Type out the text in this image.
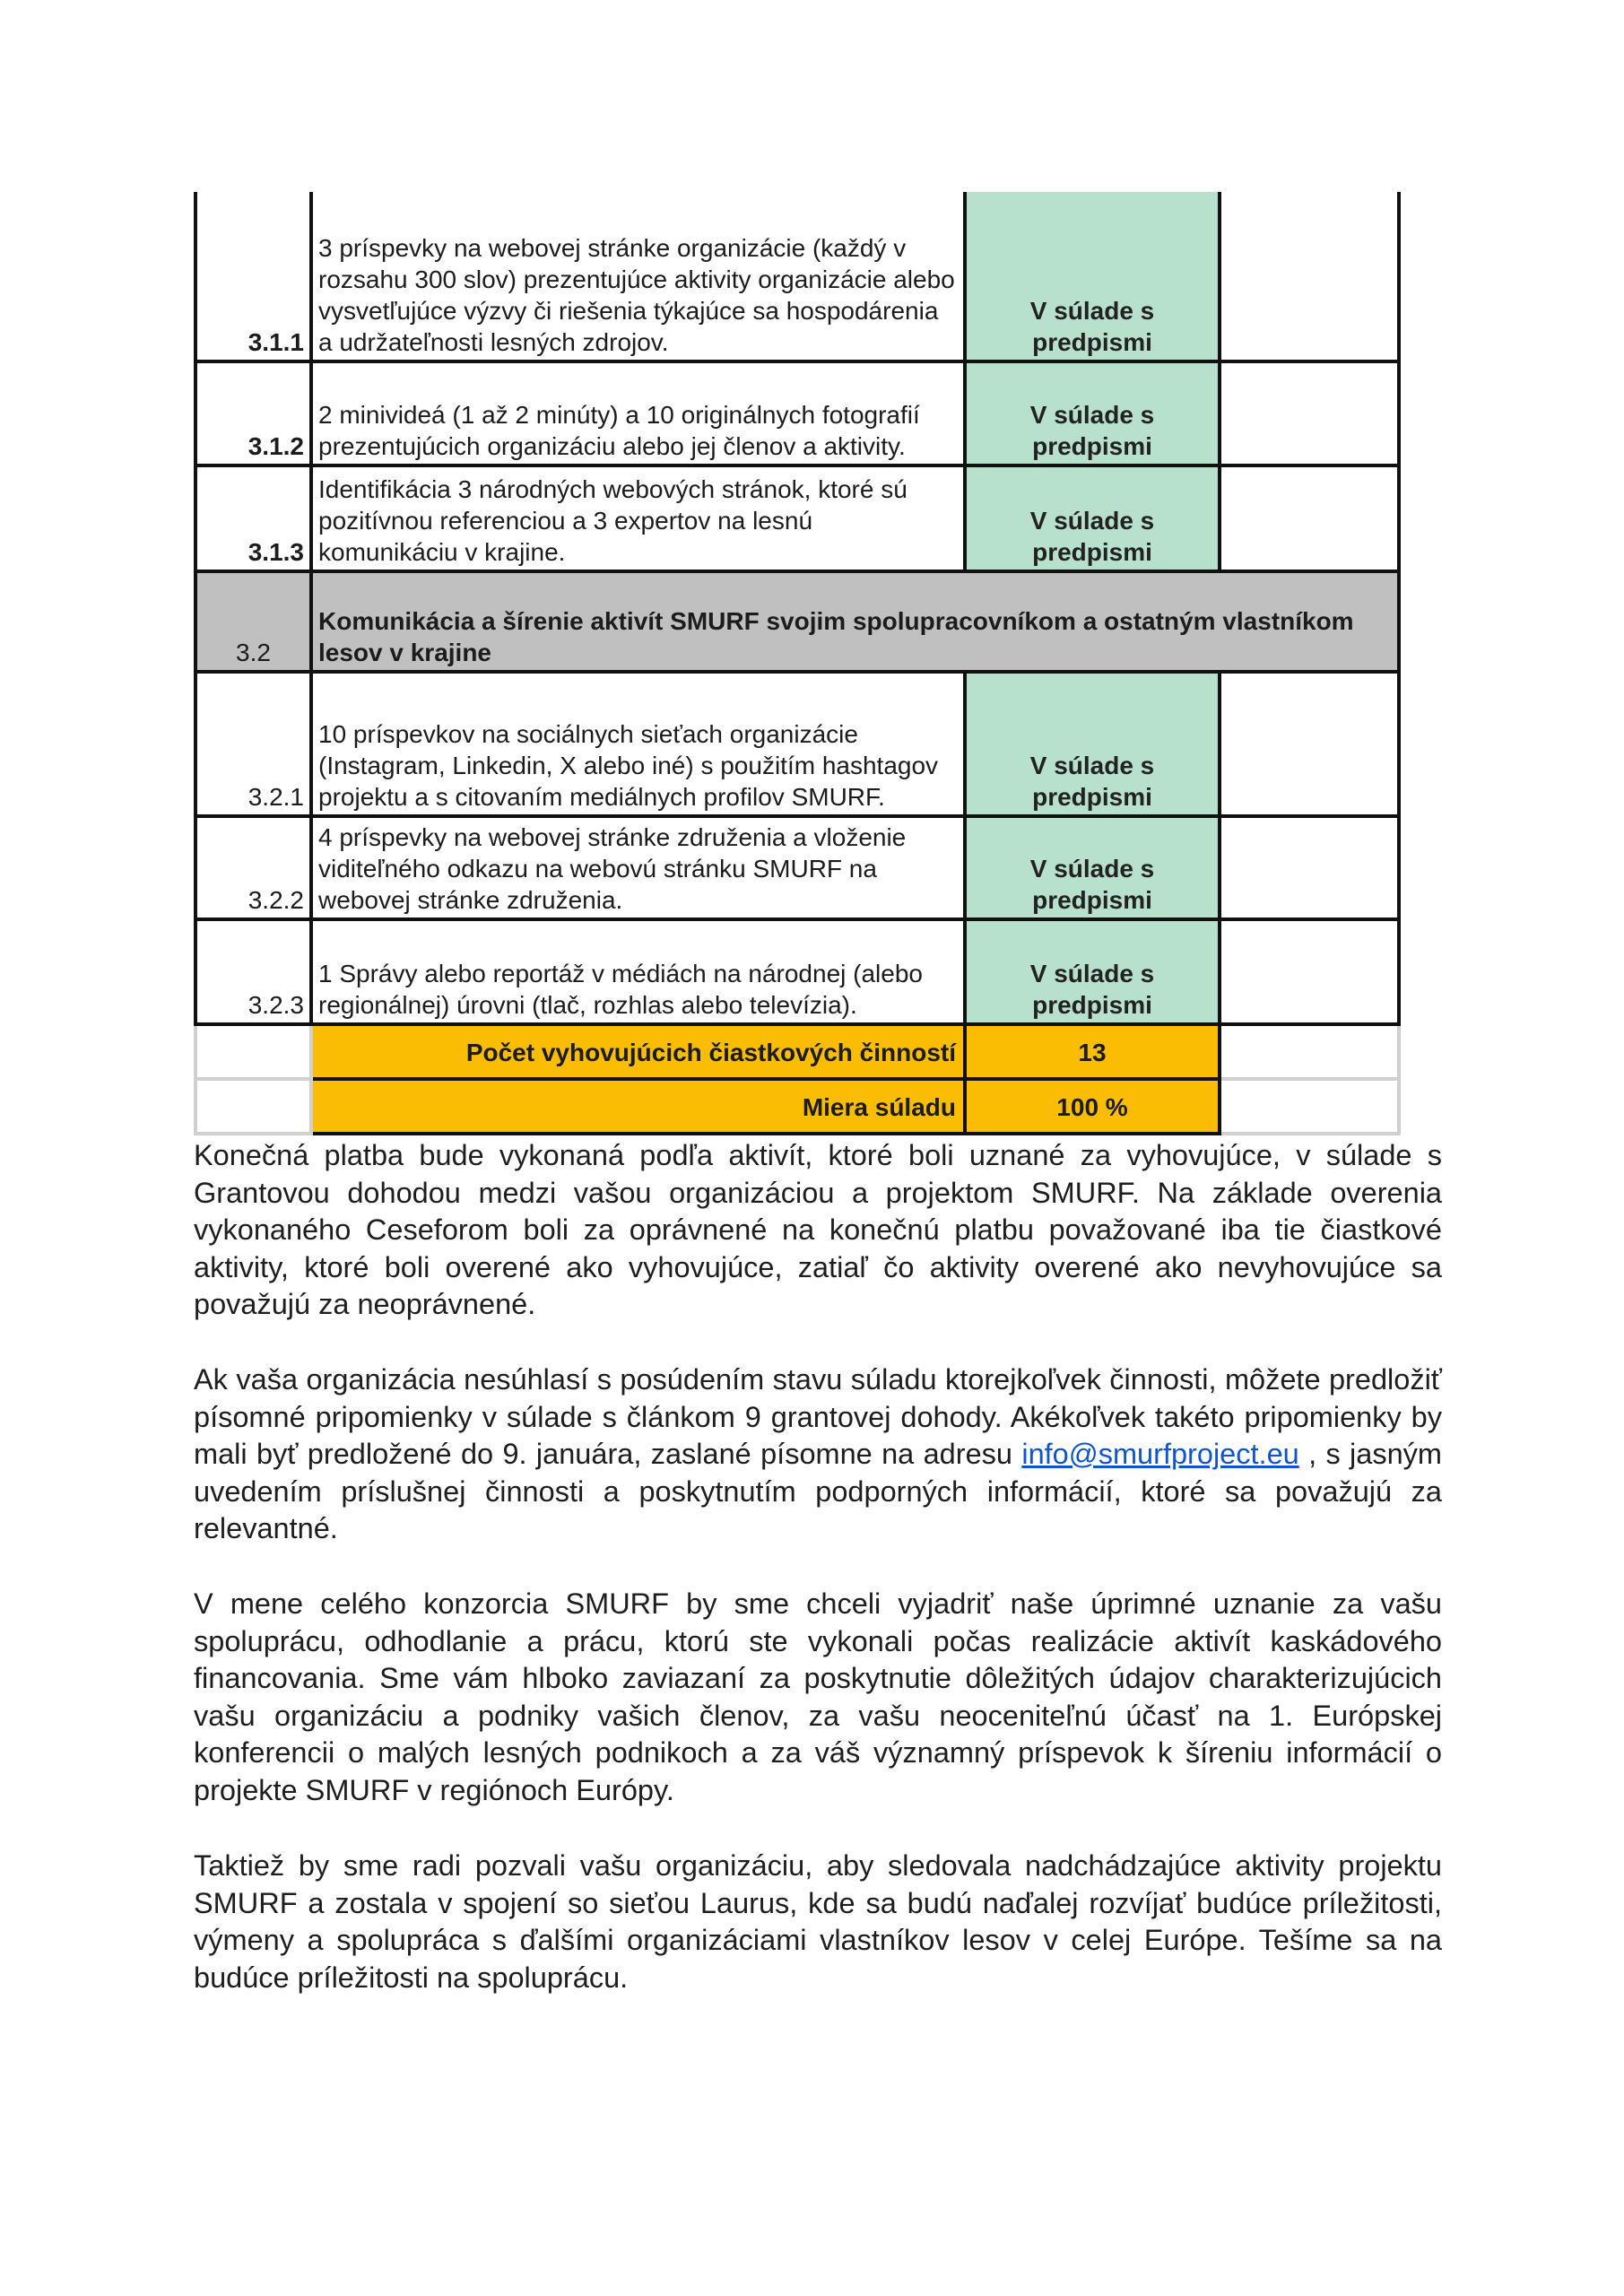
3.1.1	3 príspevky na webovej stránke organizácie (každý v rozsahu 300 slov) prezentujúce aktivity organizácie alebo vysvetľujúce výzvy či riešenia týkajúce sa hospodárenia a udržateľnosti lesných zdrojov.	V súlade s predpismi	
3.1.2	2 minivideá (1 až 2 minúty) a 10 originálnych fotografií prezentujúcich organizáciu alebo jej členov a aktivity.	V súlade s predpismi	
3.1.3	Identifikácia 3 národných webových stránok, ktoré sú pozitívnou referenciou a 3 expertov na lesnú komunikáciu v krajine.	V súlade s predpismi	
3.2	Komunikácia a šírenie aktivít SMURF svojim spolupracovníkom a ostatným vlastníkom lesov v krajine		
3.2.1	10 príspevkov na sociálnych sieťach organizácie (Instagram, Linkedin, X alebo iné) s použitím hashtagov projektu a s citovaním mediálnych profilov SMURF.	V súlade s predpismi	
3.2.2	4 príspevky na webovej stránke združenia a vloženie viditeľného odkazu na webovú stránku SMURF na webovej stránke združenia.	V súlade s predpismi	
3.2.3	1 Správy alebo reportáž v médiách na národnej (alebo regionálnej) úrovni (tlač, rozhlas alebo televízia).	V súlade s predpismi	
	Počet vyhovujúcich čiastkových činností	13	
	Miera súladu	100 %	

Konečná platba bude vykonaná podľa aktivít, ktoré boli uznané za vyhovujúce, v súlade s Grantovou dohodou medzi vašou organizáciou a projektom SMURF. Na základe overenia vykonaného Ceseforom boli za oprávnené na konečnú platbu považované iba tie čiastkové aktivity, ktoré boli overené ako vyhovujúce, zatiaľ čo aktivity overené ako nevyhovujúce sa považujú za neoprávnené.

Ak vaša organizácia nesúhlasí s posúdením stavu súladu ktorejkoľvek činnosti, môžete predložiť písomné pripomienky v súlade s článkom 9 grantovej dohody. Akékoľvek takéto pripomienky by mali byť predložené do 9. januára, zaslané písomne na adresu info@smurfproject.eu , s jasným uvedením príslušnej činnosti a poskytnutím podporných informácií, ktoré sa považujú za relevantné.

V mene celého konzorcia SMURF by sme chceli vyjadriť naše úprimné uznanie za vašu spoluprácu, odhodlanie a prácu, ktorú ste vykonali počas realizácie aktivít kaskádového financovania. Sme vám hlboko zaviazaní za poskytnutie dôležitých údajov charakterizujúcich vašu organizáciu a podniky vašich členov, za vašu neoceniteľnú účasť na 1. Európskej konferencii o malých lesných podnikoch a za váš významný príspevok k šíreniu informácií o projekte SMURF v regiónoch Európy.

Taktiež by sme radi pozvali vašu organizáciu, aby sledovala nadchádzajúce aktivity projektu SMURF a zostala v spojení so sieťou Laurus, kde sa budú naďalej rozvíjať budúce príležitosti, výmeny a spolupráca s ďalšími organizáciami vlastníkov lesov v celej Európe. Tešíme sa na budúce príležitosti na spoluprácu.
